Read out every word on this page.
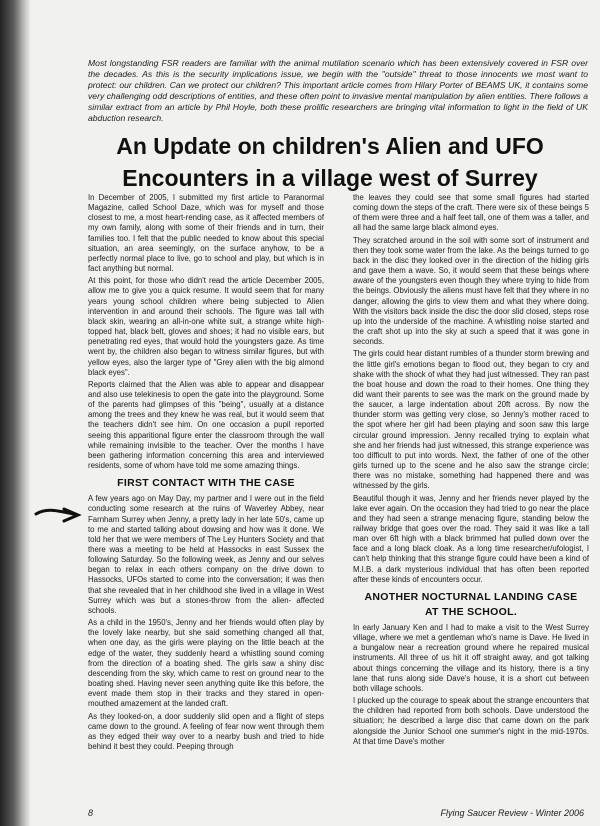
Most longstanding FSR readers are familiar with the animal mutilation scenario which has been extensively covered in FSR over the decades. As this is the security implications issue, we begin with the "outside" threat to those innocents we most want to protect: our children. Can we protect our children? This important article comes from Hilary Porter of BEAMS UK, it contains some very challenging odd descriptions of entities, and these often point to invasive mental manipulation by alien entities. There follows a similar extract from an article by Phil Hoyle, both these prolific researchers are bringing vital information to light in the field of UK abduction research.
An Update on children's Alien and UFO
Encounters in a village west of Surrey

In December of 2005, I submitted my first article to Paranormal Magazine, called School Daze, which was for myself and those closest to me, a most heart-rending case, as it affected members of my own family, along with some of their friends and in turn, their families too. I felt that the public needed to know about this special situation, an area seemingly, on the surface anyhow, to be a perfectly normal place to live, go to school and play, but which is in fact anything but normal.

At this point, for those who didn't read the article December 2005, allow me to give you a quick resume. It would seem that for many years young school children where being subjected to Alien intervention in and around their schools. The figure was tall with black skin, wearing an all-in-one white suit, a strange white high-topped hat, black belt, gloves and shoes; it had no visible ears, but penetrating red eyes, that would hold the youngsters gaze. As time went by, the children also began to witness similar figures, but with yellow eyes, also the larger type of "Grey alien with the big almond black eyes".

Reports claimed that the Alien was able to appear and disappear and also use telekinesis to open the gate into the playground. Some of the parents had glimpses of this "being", usually at a distance among the trees and they knew he was real, but it would seem that the teachers didn't see him. On one occasion a pupil reported seeing this apparitional figure enter the classroom through the wall while remaining invisible to the teacher. Over the months I have been gathering information concerning this area and interviewed residents, some of whom have told me some amazing things.

FIRST CONTACT WITH THE CASE

A few years ago on May Day, my partner and I were out in the field conducting some research at the ruins of Waverley Abbey, near Farnham Surrey when Jenny, a pretty lady in her late 50's, came up to me and started talking about dowsing and how was it done. We told her that we were members of The Ley Hunters Society and that there was a meeting to be held at Hassocks in east Sussex the following Saturday. So the following week, as Jenny and our selves began to relax in each others company on the drive down to Hassocks, UFOs started to come into the conversation; it was then that she revealed that in her childhood she lived in a village in West Surrey which was but a stones-throw from the alien- affected schools.

As a child in the 1950's, Jenny and her friends would often play by the lovely lake nearby, but she said something changed all that, when one day, as the girls were playing on the little beach at the edge of the water, they suddenly heard a whistling sound coming from the direction of a boating shed. The girls saw a shiny disc descending from the sky, which came to rest on ground near to the boating shed. Having never seen anything quite like this before, the event made them stop in their tracks and they stared in open-mouthed amazement at the landed craft.

As they looked-on, a door suddenly slid open and a flight of steps came down to the ground. A feeling of fear now went through them as they edged their way over to a nearby bush and tried to hide behind it best they could. Peeping through

the leaves they could see that some small figures had started coming down the steps of the craft. There were six of these beings 5 of them were three and a half feet tall, one of them was a taller, and all had the same large black almond eyes.

They scratched around in the soil with some sort of instrument and then they took some water from the lake. As the beings turned to go back in the disc they looked over in the direction of the hiding girls and gave them a wave. So, it would seem that these beings where aware of the youngsters even though they where trying to hide from the beings. Obviously the aliens must have felt that they where in no danger, allowing the girls to view them and what they where doing. With the visitors back inside the disc the door slid closed, steps rose up into the underside of the machine. A whistling noise started and the craft shot up into the sky at such a speed that it was gone in seconds.

The girls could hear distant rumbles of a thunder storm brewing and the little girl's emotions began to flood out, they began to cry and shake with the shock of what they had just witnessed. They ran past the boat house and down the road to their homes. One thing they did want their parents to see was the mark on the ground made by the saucer, a large indentation about 20ft across. By now the thunder storm was getting very close, so Jenny's mother raced to the spot where her girl had been playing and soon saw this large circular ground impression. Jenny recalled trying to explain what she and her friends had just witnessed, this strange experience was too difficult to put into words. Next, the father of one of the other girls turned up to the scene and he also saw the strange circle; there was no mistake, something had happened there and was witnessed by the girls.

Beautiful though it was, Jenny and her friends never played by the lake ever again. On the occasion they had tried to go near the place and they had seen a strange menacing figure, standing below the railway bridge that goes over the road. They said it was like a tall man over 6ft high with a black brimmed hat pulled down over the face and a long black cloak. As a long time researcher/ufologist, I can't help thinking that this strange figure could have been a kind of M.I.B. a dark mysterious individual that has often been reported after these kinds of encounters occur.

ANOTHER NOCTURNAL LANDING CASE
AT THE SCHOOL.

In early January Ken and I had to make a visit to the West Surrey village, where we met a gentleman who's name is Dave. He lived in a bungalow near a recreation ground where he repaired musical instruments. All three of us hit it off straight away, and got talking about things concerning the village and its history, there is a tiny lane that runs along side Dave's house, it is a short cut between both village schools.

I plucked up the courage to speak about the strange encounters that the children had reported from both schools. Dave understood the situation; he described a large disc that came down on the park alongside the Junior School one summer's night in the mid-1970s. At that time Dave's mother

8	Flying Saucer Review - Winter 2006
